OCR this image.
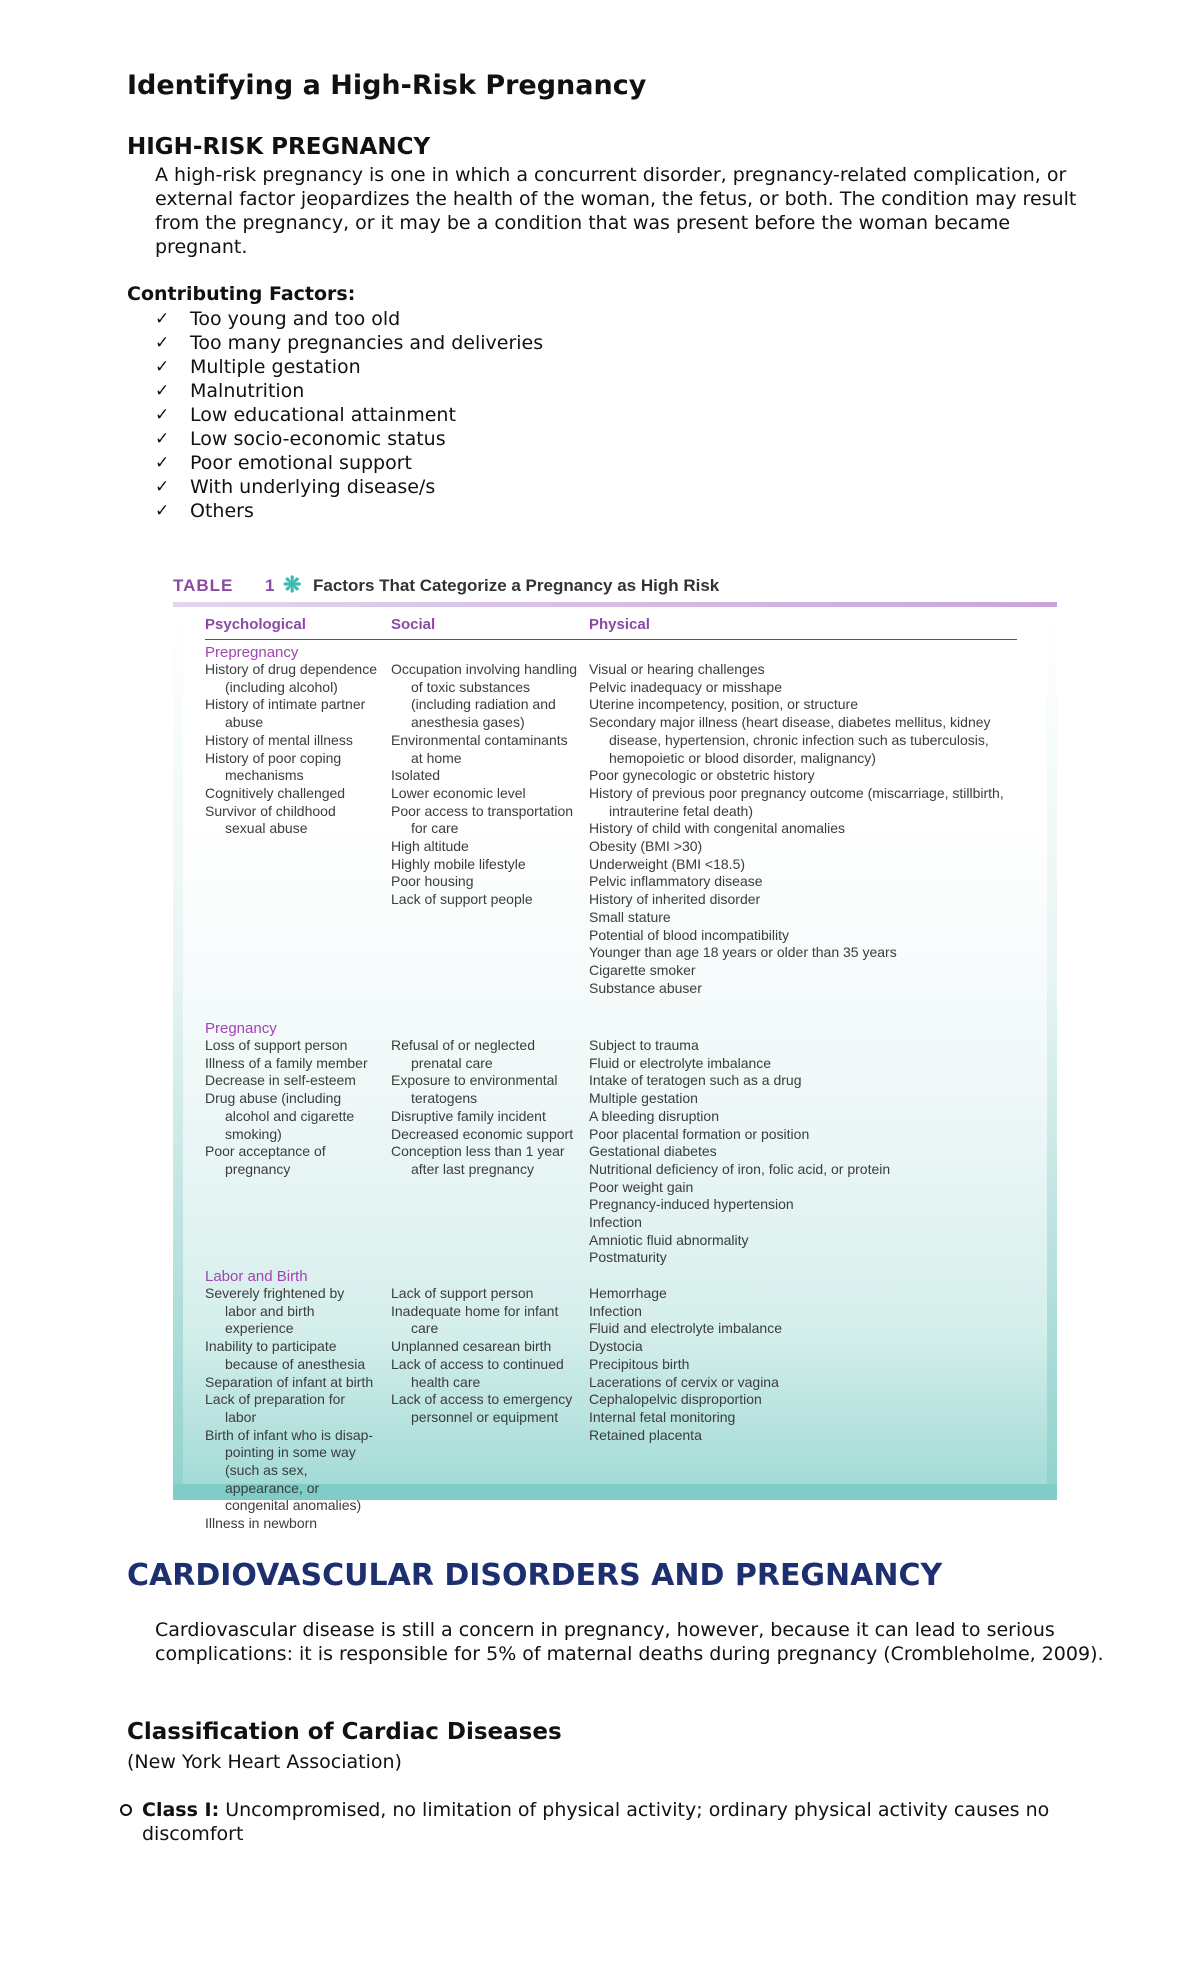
Identifying a High-Risk Pregnancy
HIGH-RISK PREGNANCY

A high-risk pregnancy is one in which a concurrent disorder, pregnancy-related complication, or external factor jeopardizes the health of the woman, the fetus, or both. The condition may result from the pregnancy, or it may be a condition that was present before the woman became pregnant.

Contributing Factors:
✓ Too young and too old
✓ Too many pregnancies and deliveries
✓ Multiple gestation
✓ Malnutrition
✓ Low educational attainment
✓ Low socio-economic status
✓ Poor emotional support
✓ With underlying disease/s
✓ Others
TABLE 1 ❋ Factors That Categorize a Pregnancy as High Risk
Psychological	Social	Physical
Prepregnancy
History of drug dependence (including alcohol)
History of intimate partner abuse
History of mental illness
History of poor coping mechanisms
Cognitively challenged
Survivor of childhood sexual abuse
Occupation involving handling of toxic substances (including radiation and anesthesia gases)
Environmental contaminants at home
Isolated
Lower economic level
Poor access to transportation for care
High altitude
Highly mobile lifestyle
Poor housing
Lack of support people
Visual or hearing challenges
Pelvic inadequacy or misshape
Uterine incompetency, position, or structure
Secondary major illness (heart disease, diabetes mellitus, kidney disease, hypertension, chronic infection such as tuberculosis, hemopoietic or blood disorder, malignancy)
Poor gynecologic or obstetric history
History of previous poor pregnancy outcome (miscarriage, stillbirth, intrauterine fetal death)
History of child with congenital anomalies
Obesity (BMI >30)
Underweight (BMI <18.5)
Pelvic inflammatory disease
History of inherited disorder
Small stature
Potential of blood incompatibility
Younger than age 18 years or older than 35 years
Cigarette smoker
Substance abuser
Pregnancy
Loss of support person
Illness of a family member
Decrease in self-esteem
Drug abuse (including alcohol and cigarette smoking)
Poor acceptance of pregnancy
Refusal of or neglected prenatal care
Exposure to environmental teratogens
Disruptive family incident
Decreased economic support
Conception less than 1 year after last pregnancy
Subject to trauma
Fluid or electrolyte imbalance
Intake of teratogen such as a drug
Multiple gestation
A bleeding disruption
Poor placental formation or position
Gestational diabetes
Nutritional deficiency of iron, folic acid, or protein
Poor weight gain
Pregnancy-induced hypertension
Infection
Amniotic fluid abnormality
Postmaturity
Labor and Birth
Severely frightened by labor and birth experience
Inability to participate because of anesthesia
Separation of infant at birth
Lack of preparation for labor
Birth of infant who is disap-pointing in some way (such as sex, appearance, or congenital anomalies)
Illness in newborn
Lack of support person
Inadequate home for infant care
Unplanned cesarean birth
Lack of access to continued health care
Lack of access to emergency personnel or equipment
Hemorrhage
Infection
Fluid and electrolyte imbalance
Dystocia
Precipitous birth
Lacerations of cervix or vagina
Cephalopelvic disproportion
Internal fetal monitoring
Retained placenta
CARDIOVASCULAR DISORDERS AND PREGNANCY

Cardiovascular disease is still a concern in pregnancy, however, because it can lead to serious complications: it is responsible for 5% of maternal deaths during pregnancy (Crombleholme, 2009).

Classification of Cardiac Diseases

(New York Heart Association)

Class I: Uncompromised, no limitation of physical activity; ordinary physical activity causes no discomfort
